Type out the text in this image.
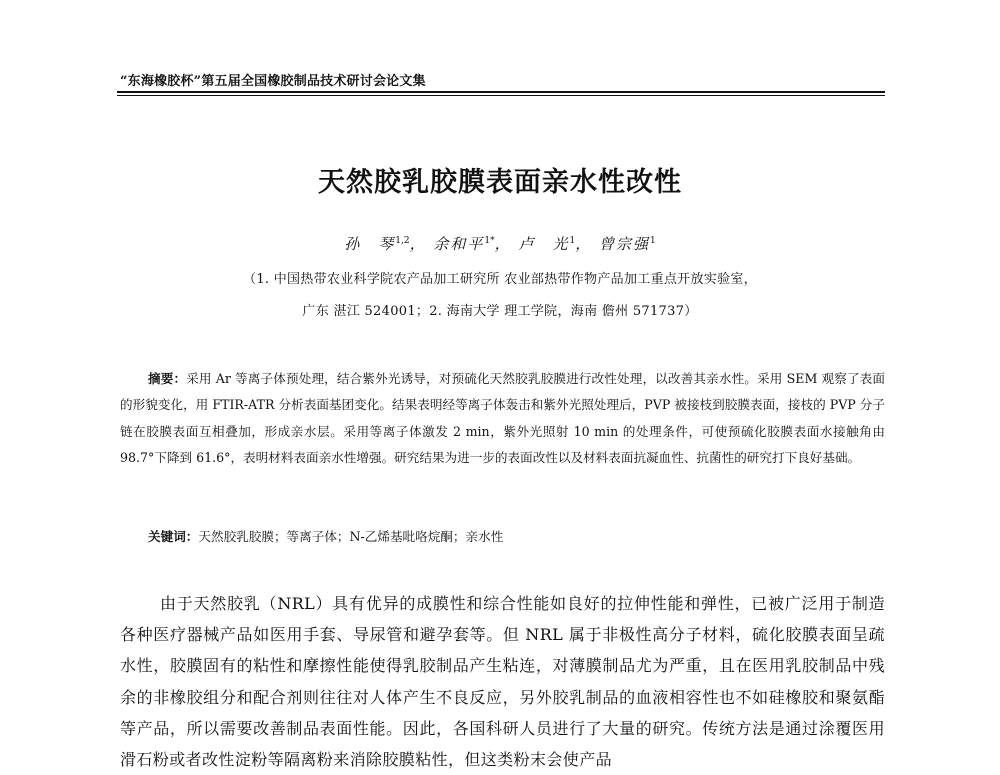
“东海橡胶杯”第五届全国橡胶制品技术研讨会论文集
天然胶乳胶膜表面亲水性改性
孙　琴$^{1,2}$， 余和平$^{1*}$， 卢　光$^1$， 曾宗强$^1$
（1. 中国热带农业科学院农产品加工研究所 农业部热带作物产品加工重点开放实验室，
广东 湛江 524001；2. 海南大学 理工学院，海南 儋州 571737）
摘要：采用 Ar 等离子体预处理，结合紫外光诱导，对预硫化天然胶乳胶膜进行改性处理，以改善其亲水性。采用 SEM 观察了表面的形貌变化，用 FTIR-ATR 分析表面基团变化。结果表明经等离子体轰击和紫外光照处理后，PVP 被接枝到胶膜表面，接枝的 PVP 分子链在胶膜表面互相叠加，形成亲水层。采用等离子体激发 2 min，紫外光照射 10 min 的处理条件，可使预硫化胶膜表面水接触角由 98.7°下降到 61.6°，表明材料表面亲水性增强。研究结果为进一步的表面改性以及材料表面抗凝血性、抗菌性的研究打下良好基础。
关键词：天然胶乳胶膜；等离子体；N-乙烯基吡咯烷酮；亲水性
由于天然胶乳（NRL）具有优异的成膜性和综合性能如良好的拉伸性能和弹性，已被广泛用于制造各种医疗器械产品如医用手套、导尿管和避孕套等。但 NRL 属于非极性高分子材料，硫化胶膜表面呈疏水性，胶膜固有的粘性和摩擦性能使得乳胶制品产生粘连，对薄膜制品尤为严重，且在医用乳胶制品中残余的非橡胶组分和配合剂则往往对人体产生不良反应，另外胶乳制品的血液相容性也不如硅橡胶和聚氨酯等产品，所以需要改善制品表面性能。因此，各国科研人员进行了大量的研究。传统方法是通过涂覆医用滑石粉或者改性淀粉等隔离粉来消除胶膜粘性，但这类粉末会使产品
